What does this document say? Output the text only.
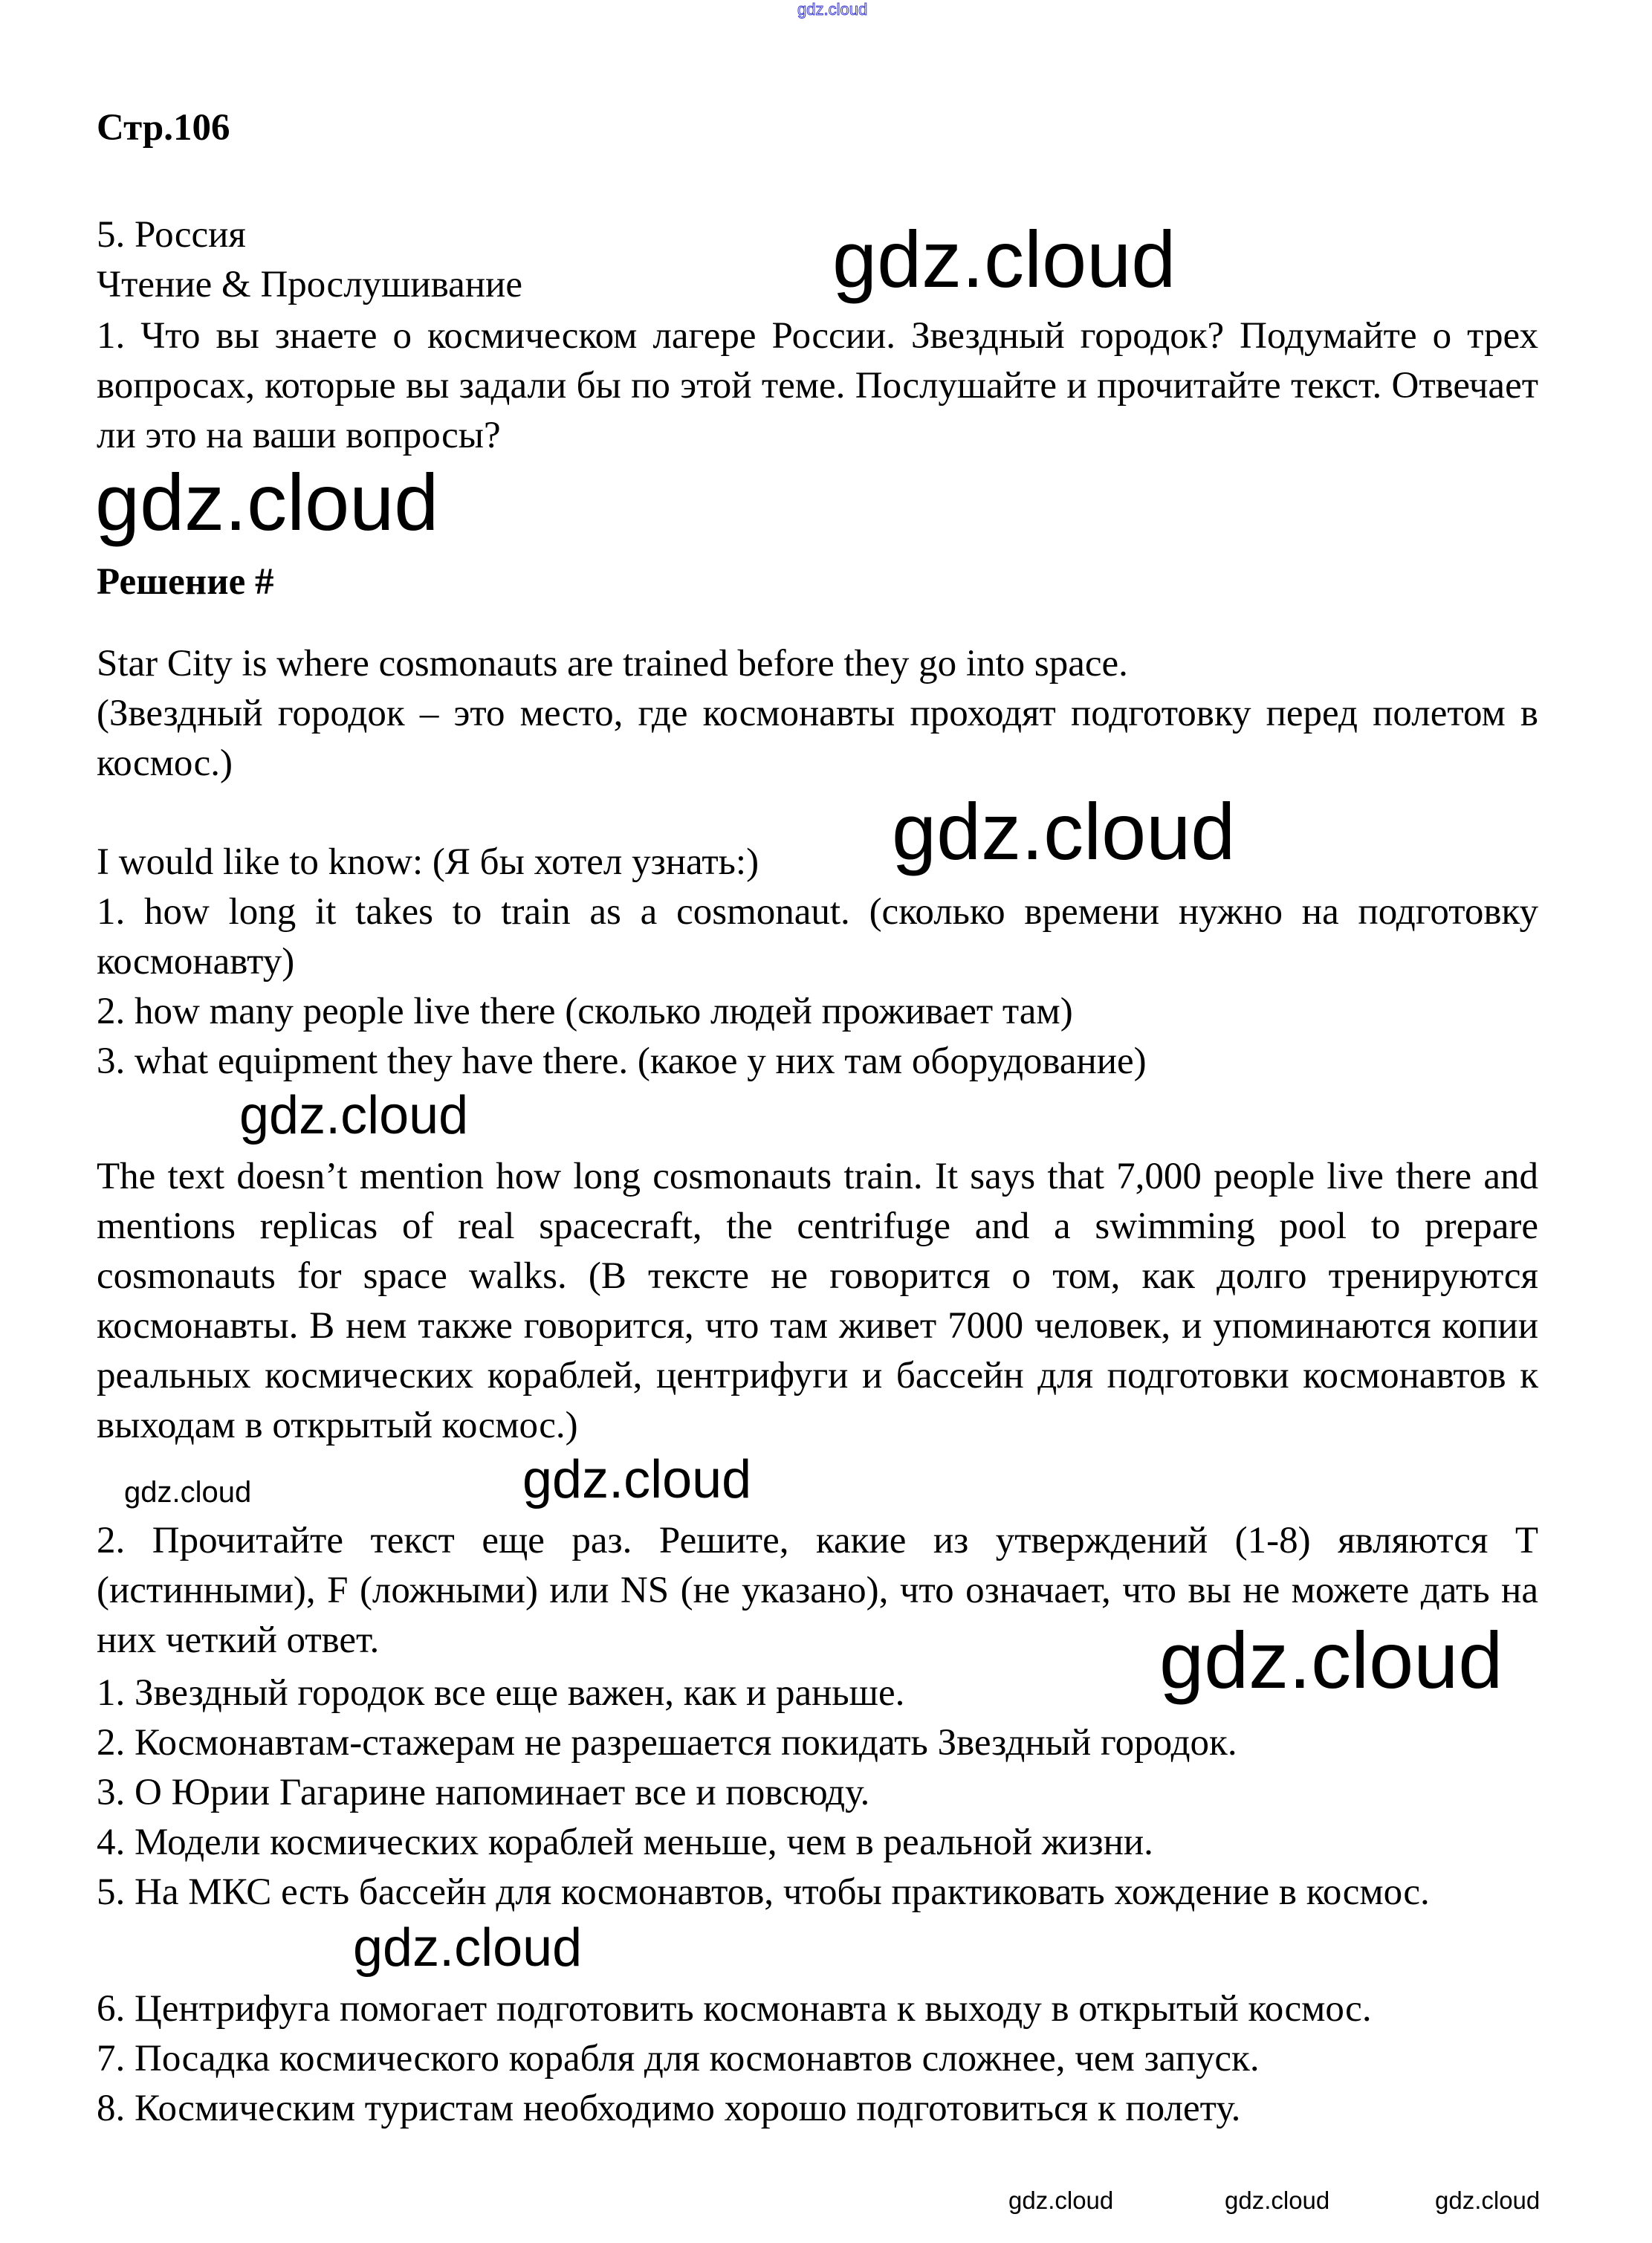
gdz.cloud
Стр.106
5. Россия
Чтение & Прослушивание
1. Что вы знаете о космическом лагере России. Звездный городок? Подумайте о трех вопросах, которые вы задали бы по этой теме. Послушайте и прочитайте текст. Отвечает ли это на ваши вопросы?
Решение #

Star City is where cosmonauts are trained before they go into space.

(Звездный городок – это место, где космонавты проходят подготовку перед полетом в космос.)

I would like to know: (Я бы хотел узнать:)

1. how long it takes to train as a cosmonaut. (сколько времени нужно на подготовку космонавту)

2. how many people live there (сколько людей проживает там)

3. what equipment they have there. (какое у них там оборудование)

The text doesn’t mention how long cosmonauts train. It says that 7,000 people live there and mentions replicas of real spacecraft, the centrifuge and a swimming pool to prepare cosmonauts for space walks. (В тексте не говорится о том, как долго тренируются космонавты. В нем также говорится, что там живет 7000 человек, и упоминаются копии реальных космических кораблей, центрифуги и бассейн для подготовки космонавтов к выходам в открытый космос.)
2. Прочитайте текст еще раз. Решите, какие из утверждений (1-8) являются T (истинными), F (ложными) или NS (не указано), что означает, что вы не можете дать на них четкий ответ.

1. Звездный городок все еще важен, как и раньше.

2. Космонавтам-стажерам не разрешается покидать Звездный городок.

3. О Юрии Гагарине напоминает все и повсюду.

4. Модели космических кораблей меньше, чем в реальной жизни.

5. На МКС есть бассейн для космонавтов, чтобы практиковать хождение в космос.

6. Центрифуга помогает подготовить космонавта к выходу в открытый космос.

7. Посадка космического корабля для космонавтов сложнее, чем запуск.

8. Космическим туристам необходимо хорошо подготовиться к полету.

gdz.cloud
gdz.cloud
gdz.cloud
gdz.cloud
gdz.cloud
gdz.cloud
gdz.cloud
gdz.cloud
gdz.cloud
gdz.cloud	gdz.cloud
